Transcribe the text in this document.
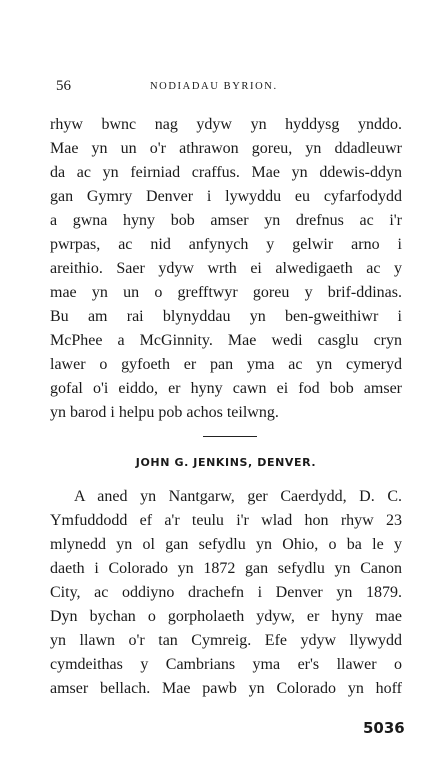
56	NODIADAU BYRION.
rhyw bwnc nag ydyw yn hyddysg ynddo.
Mae yn un o'r athrawon goreu, yn ddadleuwr
da ac yn feirniad craffus. Mae yn ddewis-ddyn
gan Gymry Denver i lywyddu eu cyfarfodydd
a gwna hyny bob amser yn drefnus ac i'r
pwrpas, ac nid anfynych y gelwir arno i
areithio. Saer ydyw wrth ei alwedigaeth ac y
mae yn un o grefftwyr goreu y brif-ddinas.
Bu am rai blynyddau yn ben-gweithiwr i
McPhee a McGinnity. Mae wedi casglu cryn
lawer o gyfoeth er pan yma ac yn cymeryd
gofal o'i eiddo, er hyny cawn ei fod bob amser
yn barod i helpu pob achos teilwng.
JOHN G. JENKINS, DENVER.
A aned yn Nantgarw, ger Caerdydd, D. C.
Ymfuddodd ef a'r teulu i'r wlad hon rhyw 23
mlynedd yn ol gan sefydlu yn Ohio, o ba le y
daeth i Colorado yn 1872 gan sefydlu yn Canon
City, ac oddiyno drachefn i Denver yn 1879.
Dyn bychan o gorpholaeth ydyw, er hyny mae
yn llawn o'r tan Cymreig. Efe ydyw llywydd
cymdeithas y Cambrians yma er's llawer o
amser bellach. Mae pawb yn Colorado yn hoff
5036
